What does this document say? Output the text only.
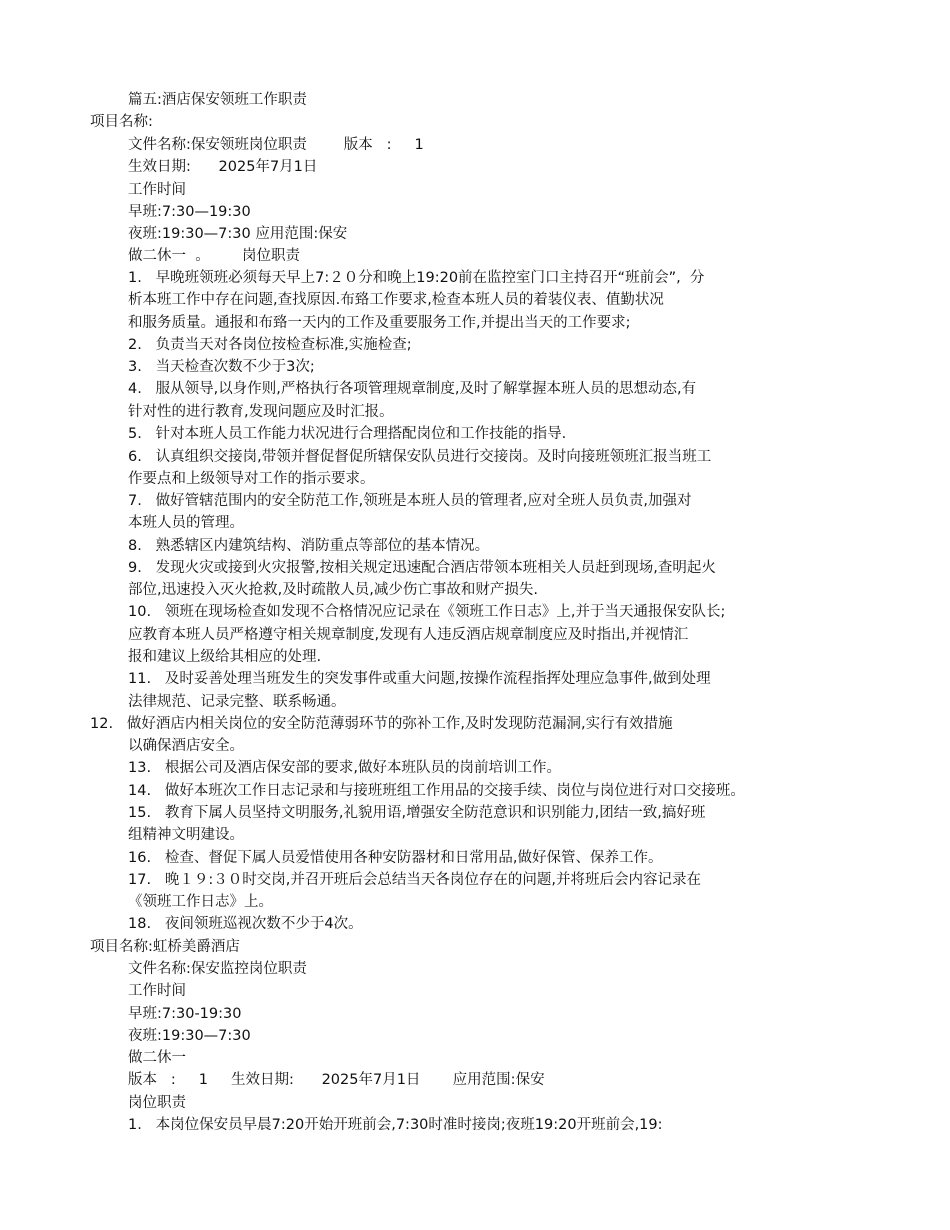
篇五:酒店保安领班工作职责
项目名称:
文件名称:保安领班岗位职责        版本   :     1
生效日期:      2025年7月1日
工作时间
早班:7:30—19:30
夜班:19:30—7:30 应用范围:保安
做二休一  。       岗位职责
1.   早晚班领班必须每天早上7:２０分和晚上19:20前在监控室门口主持召开“班前会”,  分
析本班工作中存在问题,查找原因.布臵工作要求,检查本班人员的着装仪表、值勤状况
和服务质量。通报和布臵一天内的工作及重要服务工作,并提出当天的工作要求;
2.   负责当天对各岗位按检查标准,实施检查;
3.   当天检查次数不少于3次;
4.   服从领导,以身作则,严格执行各项管理规章制度,及时了解掌握本班人员的思想动态,有
针对性的进行教育,发现问题应及时汇报。
5.   针对本班人员工作能力状况进行合理搭配岗位和工作技能的指导.
6.   认真组织交接岗,带领并督促督促所辖保安队员进行交接岗。及时向接班领班汇报当班工
作要点和上级领导对工作的指示要求。
7.   做好管辖范围内的安全防范工作,领班是本班人员的管理者,应对全班人员负责,加强对
本班人员的管理。
8.   熟悉辖区内建筑结构、消防重点等部位的基本情况。
9.   发现火灾或接到火灾报警,按相关规定迅速配合酒店带领本班相关人员赶到现场,查明起火
部位,迅速投入灭火抢救,及时疏散人员,减少伤亡事故和财产损失.
10.   领班在现场检查如发现不合格情况应记录在《领班工作日志》上,并于当天通报保安队长;
应教育本班人员严格遵守相关规章制度,发现有人违反酒店规章制度应及时指出,并视情汇
报和建议上级给其相应的处理.
11.   及时妥善处理当班发生的突发事件或重大问题,按操作流程指挥处理应急事件,做到处理
法律规范、记录完整、联系畅通。
12.   做好酒店内相关岗位的安全防范薄弱环节的弥补工作,及时发现防范漏洞,实行有效措施
以确保酒店安全。
13.   根据公司及酒店保安部的要求,做好本班队员的岗前培训工作。
14.   做好本班次工作日志记录和与接班班组工作用品的交接手续、岗位与岗位进行对口交接班。
15.   教育下属人员坚持文明服务,礼貌用语,增强安全防范意识和识别能力,团结一致,搞好班
组精神文明建设。
16.   检查、督促下属人员爱惜使用各种安防器材和日常用品,做好保管、保养工作。
17.   晚１９:３０时交岗,并召开班后会总结当天各岗位存在的问题,并将班后会内容记录在
《领班工作日志》上。
18.   夜间领班巡视次数不少于4次。
项目名称:虹桥美爵酒店
文件名称:保安监控岗位职责
工作时间
早班:7:30-19:30
夜班:19:30—7:30
做二休一
版本   :     1     生效日期:      2025年7月1日       应用范围:保安
岗位职责
1.   本岗位保安员早晨7:20开始开班前会,7:30时准时接岗;夜班19:20开班前会,19:
